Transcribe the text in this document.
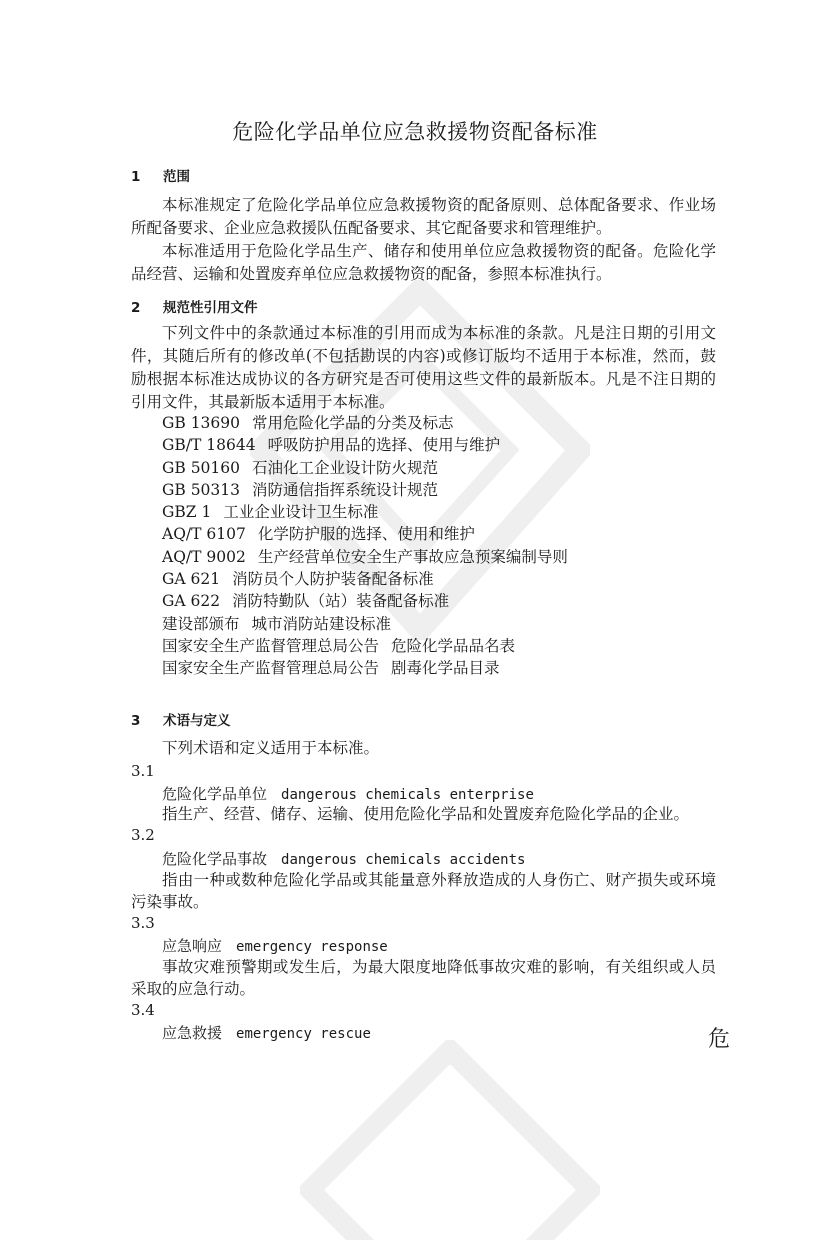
危险化学品单位应急救援物资配备标准
1 范围
本标准规定了危险化学品单位应急救援物资的配备原则、总体配备要求、作业场所配备要求、企业应急救援队伍配备要求、其它配备要求和管理维护。
本标准适用于危险化学品生产、储存和使用单位应急救援物资的配备。危险化学品经营、运输和处置废弃单位应急救援物资的配备，参照本标准执行。
2 规范性引用文件
下列文件中的条款通过本标准的引用而成为本标准的条款。凡是注日期的引用文件，其随后所有的修改单(不包括勘误的内容)或修订版均不适用于本标准，然而，鼓励根据本标准达成协议的各方研究是否可使用这些文件的最新版本。凡是不注日期的引用文件，其最新版本适用于本标准。
GB 13690 常用危险化学品的分类及标志
GB/T 18644 呼吸防护用品的选择、使用与维护
GB 50160 石油化工企业设计防火规范
GB 50313 消防通信指挥系统设计规范
GBZ 1 工业企业设计卫生标准
AQ/T 6107 化学防护服的选择、使用和维护
AQ/T 9002 生产经营单位安全生产事故应急预案编制导则
GA 621 消防员个人防护装备配备标准
GA 622 消防特勤队（站）装备配备标准
建设部颁布 城市消防站建设标准
国家安全生产监督管理总局公告 危险化学品品名表
国家安全生产监督管理总局公告 剧毒化学品目录
3 术语与定义
下列术语和定义适用于本标准。
3.1
危险化学品单位 dangerous chemicals enterprise
指生产、经营、储存、运输、使用危险化学品和处置废弃危险化学品的企业。
3.2
危险化学品事故 dangerous chemicals accidents
指由一种或数种危险化学品或其能量意外释放造成的人身伤亡、财产损失或环境污染事故。
3.3
应急响应 emergency response
事故灾难预警期或发生后，为最大限度地降低事故灾难的影响，有关组织或人员采取的应急行动。
3.4
应急救援 emergency rescue	危
